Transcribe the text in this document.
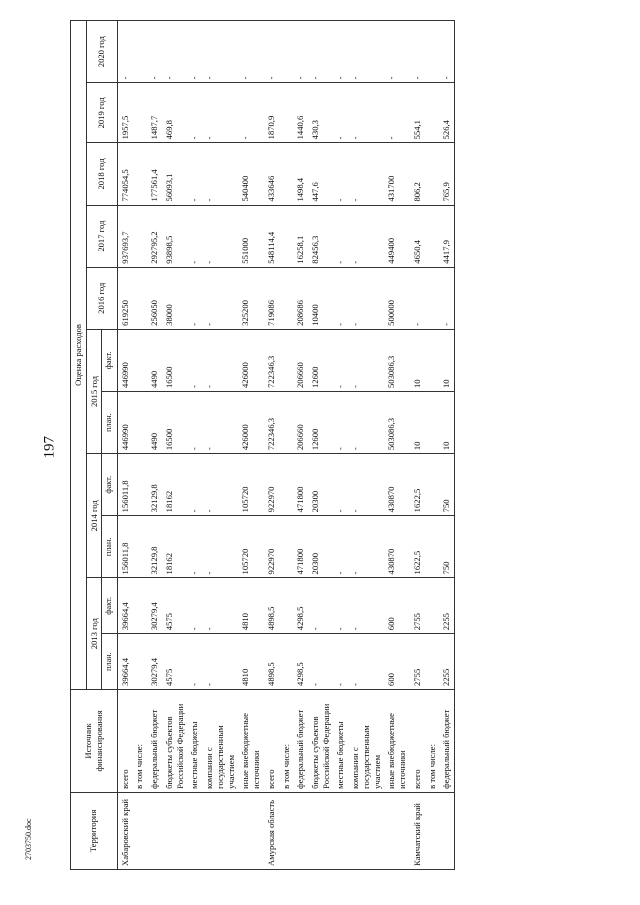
197
2703750.doc	Территория	Источник финансирования	Оценка расходов										
		2013 год		2014 год		2015 год		2016 год	2017 год	2018 год	2019 год	2020 год
		план.	факт.	план.	факт.	план.	факт.					
Хабаровский край	всего	39664,4	39664,4	156011,8	156011,8	446990	446990	619250	937693,7	774054,5	1957,5	-
	в том числе:											
	федеральный бюджет	30279,4	30279,4	32129,8	32129,8	4490	4490	256050	292795,2	177561,4	1487,7	-
	бюджеты субъектов Российской Федерации	4575	4575	18162	18162	16500	16500	38000	93898,5	56093,1	469,8	-
	местные бюджеты	-	-	-	-	-	-	-	-	-	-	-
	компании с государственным участием	-	-	-	-	-	-	-	-	-	-	-
	иные внебюджетные источники	4810	4810	105720	105720	426000	426000	325200	551000	540400	-	-
Амурская область	всего	4898,5	4898,5	922970	922970	722346,3	722346,3	719086	548114,4	433646	1870,9	-
	в том числе:											
	федеральный бюджет	4298,5	4298,5	471800	471800	206660	206660	208686	16258,1	1498,4	1440,6	-
	бюджеты субъектов Российской Федерации	-	-	20300	20300	12600	12600	10400	82456,3	447,6	430,3	-
	местные бюджеты	-	-	-	-	-	-	-	-	-	-	-
	компании с государственным участием	-	-	-	-	-	-	-	-	-	-	-
	иные внебюджетные источники	600	600	430870	430870	503086,3	503086,3	500000	449400	431700	-	-
Камчатский край	всего	2755	2755	1622,5	1622,5	10	10	-	4650,4	806,2	554,1	-
	в том числе:											
	федеральный бюджет	2255	2255	750	750	10	10	-	4417,9	765,9	526,4	-
